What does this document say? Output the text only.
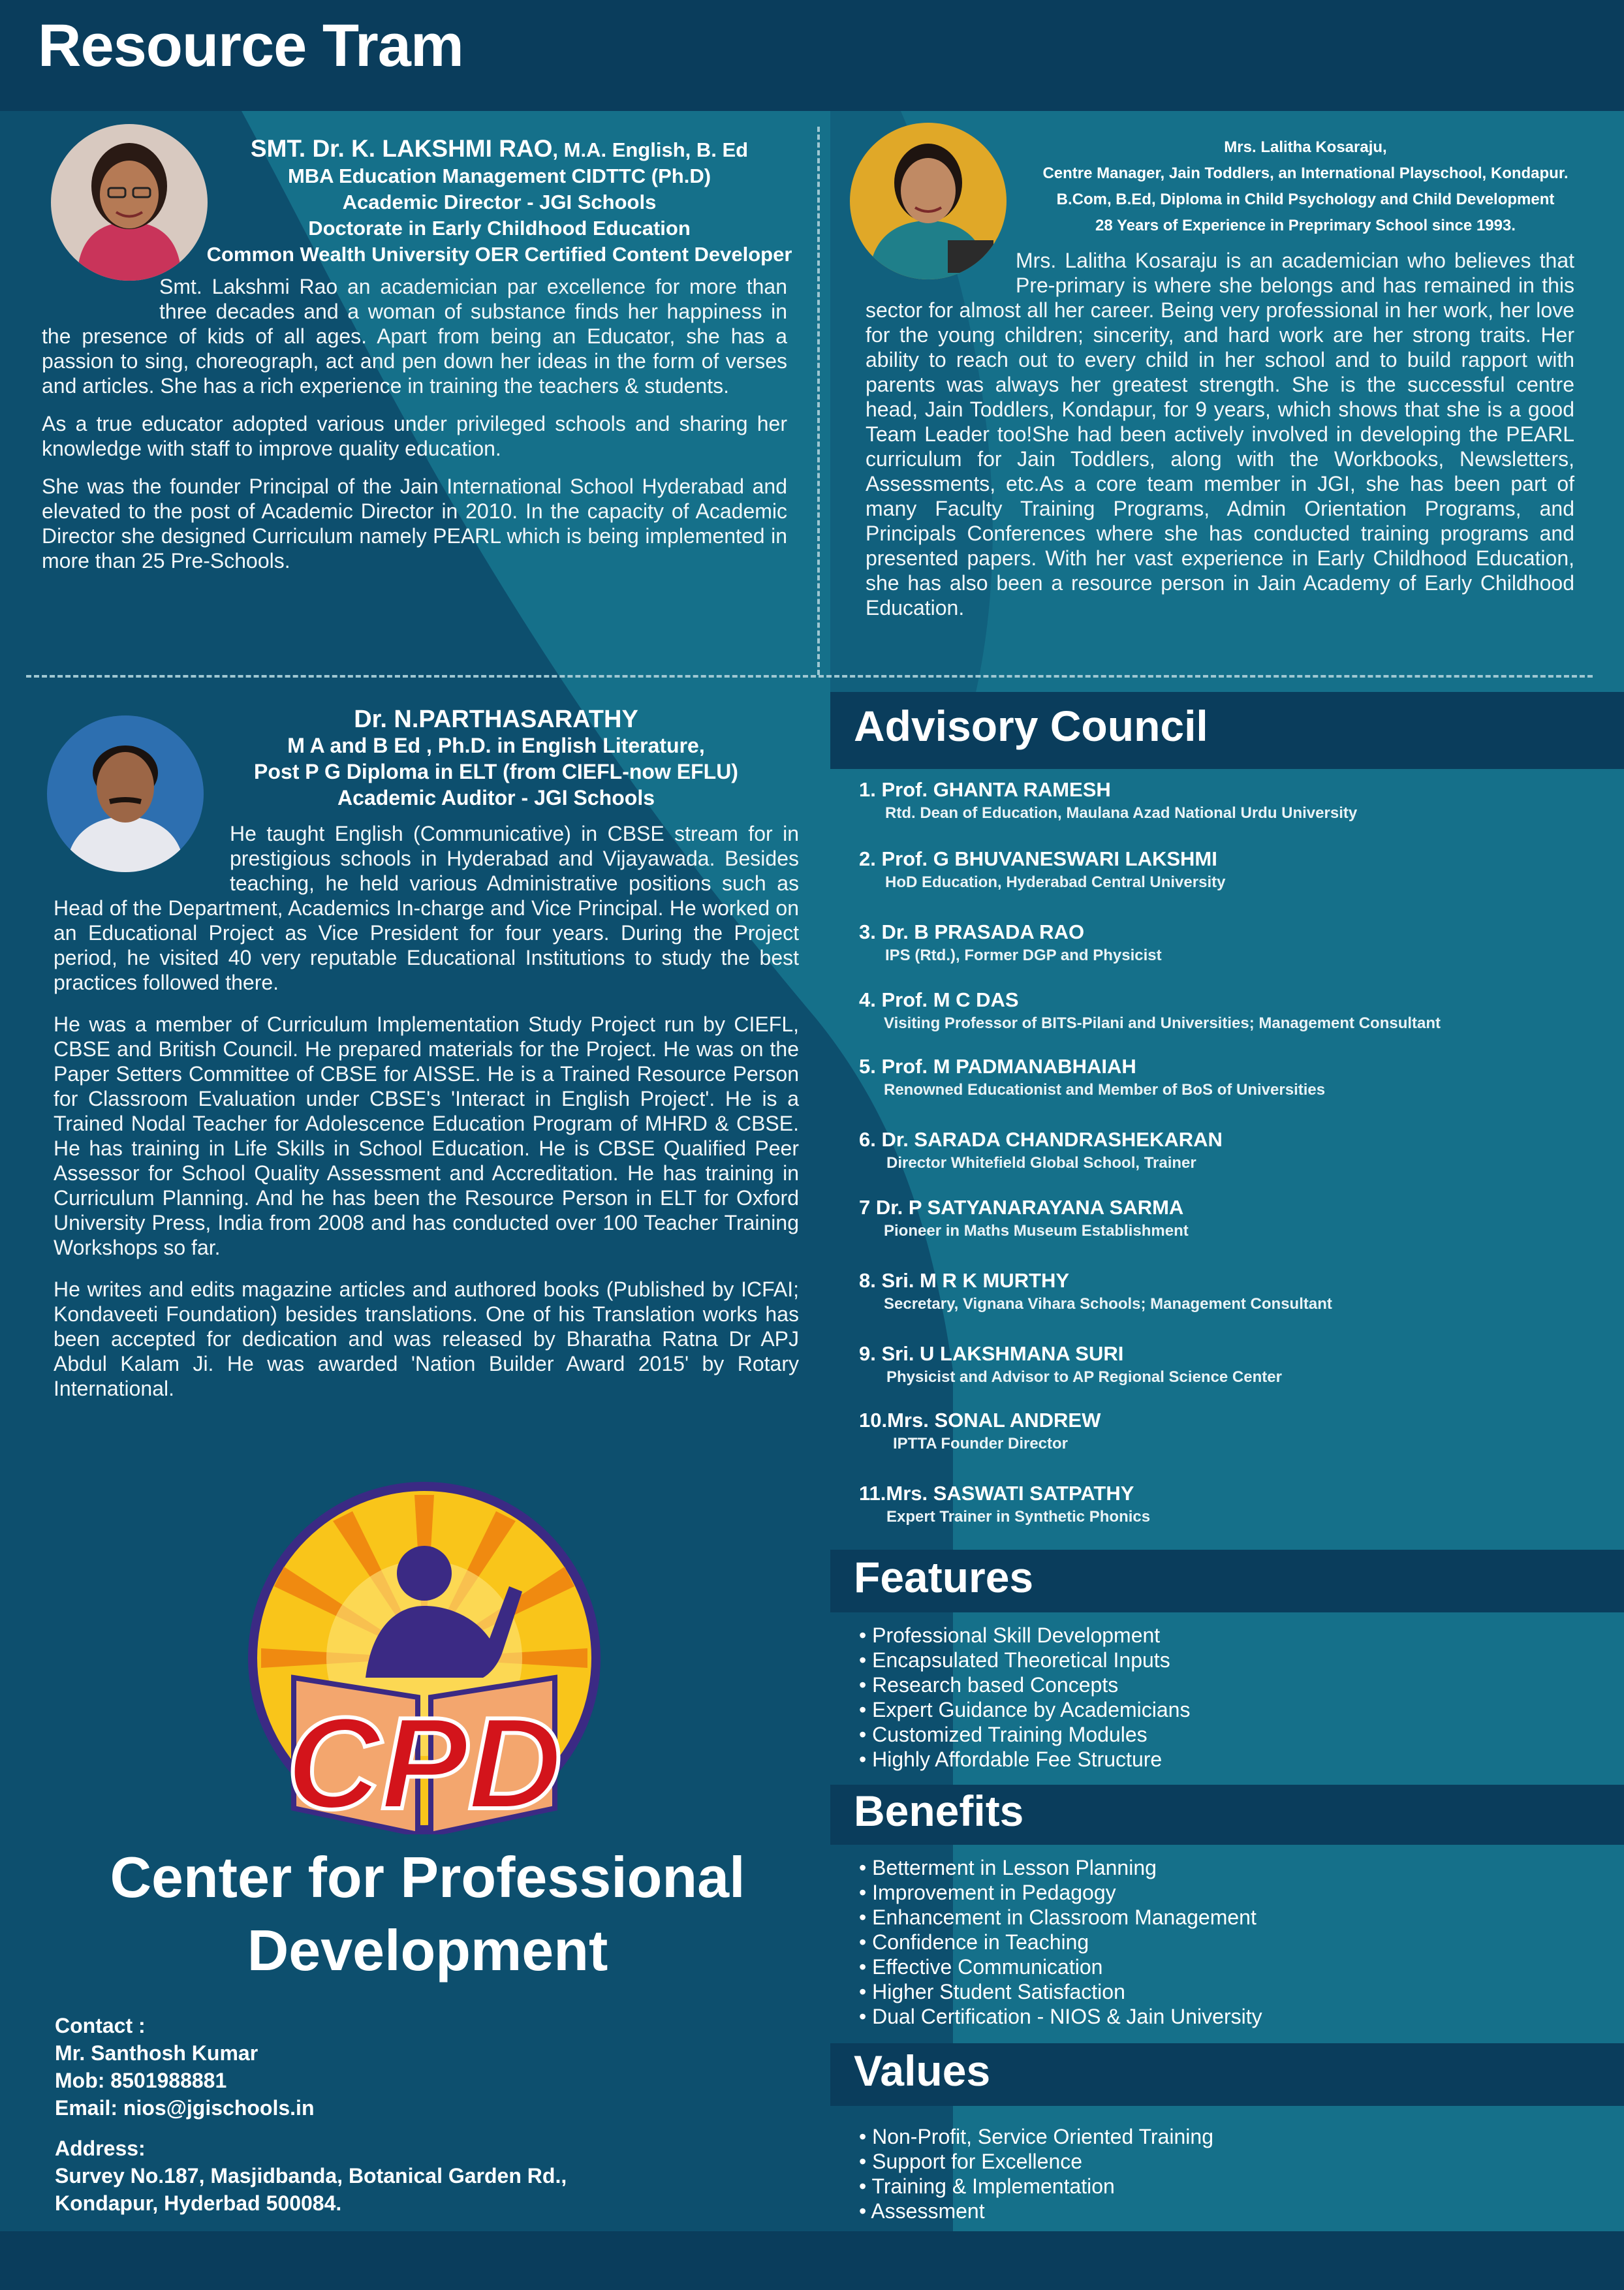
Resource Tram
SMT. Dr. K. LAKSHMI RAO, M.A. English, B. Ed
MBA Education Management CIDTTC (Ph.D)
Academic Director - JGI Schools
Doctorate in Early Childhood Education
Common Wealth University OER Certified Content Developer

Smt. Lakshmi Rao an academician par excellence for more than three decades and a woman of substance finds her happiness in the presence of kids of all ages. Apart from being an Educator, she has a passion to sing, choreograph, act and pen down her ideas in the form of verses and articles. She has a rich experience in training the teachers & students.

As a true educator adopted various under privileged schools and sharing her knowledge with staff to improve quality education.

She was the founder Principal of the Jain International School Hyderabad and elevated to the post of Academic Director in 2010. In the capacity of Academic Director she designed Curriculum namely PEARL which is being implemented in more than 25 Pre-Schools.

Mrs. Lalitha Kosaraju,
Centre Manager, Jain Toddlers, an International Playschool, Kondapur.
B.Com, B.Ed, Diploma in Child Psychology and Child Development
28 Years of Experience in Preprimary School since 1993.

Mrs. Lalitha Kosaraju is an academician who believes that Pre-primary is where she belongs and has remained in this sector for almost all her career. Being very professional in her work, her love for the young children; sincerity, and hard work are her strong traits. Her ability to reach out to every child in her school and to build rapport with parents was always her greatest strength. She is the successful centre head, Jain Toddlers, Kondapur, for 9 years, which shows that she is a good Team Leader too!She had been actively involved in developing the PEARL curriculum for Jain Toddlers, along with the Workbooks, Newsletters, Assessments, etc.As a core team member in JGI, she has been part of many Faculty Training Programs, Admin Orientation Programs, and Principals Conferences where she has conducted training programs and presented papers. With her vast experience in Early Childhood Education, she has also been a resource person in Jain Academy of Early Childhood Education.

Dr. N.PARTHASARATHY
M A and B Ed , Ph.D. in English Literature,
Post P G Diploma in ELT (from CIEFL-now EFLU)
Academic Auditor - JGI Schools

He taught English (Communicative) in CBSE stream for in prestigious schools in Hyderabad and Vijayawada. Besides teaching, he held various Administrative positions such as Head of the Department, Academics In-charge and Vice Principal. He worked on an Educational Project as Vice President for four years. During the Project period, he visited 40 very reputable Educational Institutions to study the best practices followed there.

He was a member of Curriculum Implementation Study Project run by CIEFL, CBSE and British Council. He prepared materials for the Project. He was on the Paper Setters Committee of CBSE for AISSE. He is a Trained Resource Person for Classroom Evaluation under CBSE's 'Interact in English Project'. He is a Trained Nodal Teacher for Adolescence Education Program of MHRD & CBSE. He has training in Life Skills in School Education. He is CBSE Qualified Peer Assessor for School Quality Assessment and Accreditation. He has training in Curriculum Planning. And he has been the Resource Person in ELT for Oxford University Press, India from 2008 and has conducted over 100 Teacher Training Workshops so far.

He writes and edits magazine articles and authored books (Published by ICFAI; Kondaveeti Foundation) besides translations. One of his Translation works has been accepted for dedication and was released by Bharatha Ratna Dr APJ Abdul Kalam Ji. He was awarded 'Nation Builder Award 2015' by Rotary International.

Advisory Council
1. Prof. GHANTA RAMESH
Rtd. Dean of Education, Maulana Azad National Urdu University
2. Prof. G BHUVANESWARI LAKSHMI
HoD Education, Hyderabad Central University
3. Dr. B PRASADA RAO
IPS (Rtd.), Former DGP and Physicist
4. Prof. M C DAS
Visiting Professor of BITS-Pilani and Universities; Management Consultant
5. Prof. M PADMANABHAIAH
Renowned Educationist and Member of BoS of Universities
6. Dr. SARADA CHANDRASHEKARAN
Director Whitefield Global School, Trainer
7 Dr. P SATYANARAYANA SARMA
Pioneer in Maths Museum Establishment
8. Sri. M R K MURTHY
Secretary, Vignana Vihara Schools; Management Consultant
9. Sri. U LAKSHMANA SURI
Physicist and Advisor to AP Regional Science Center
10.Mrs. SONAL ANDREW
IPTTA Founder Director
11.Mrs. SASWATI SATPATHY
Expert Trainer in Synthetic Phonics
Features
• Professional Skill Development
• Encapsulated Theoretical Inputs
• Research based Concepts
• Expert Guidance by Academicians
• Customized Training Modules
• Highly Affordable Fee Structure
Benefits
• Betterment in Lesson Planning
• Improvement in Pedagogy
• Enhancement in Classroom Management
• Confidence in Teaching
• Effective Communication
• Higher Student Satisfaction
• Dual Certification - NIOS & Jain University
Values
• Non-Profit, Service Oriented Training
• Support for Excellence
• Training & Implementation
• Assessment
CPD
Center for Professional
Development
Contact :
Mr. Santhosh Kumar
Mob: 8501988881
Email: nios@jgischools.in
Address:
Survey No.187, Masjidbanda, Botanical Garden Rd.,
Kondapur, Hyderbad 500084.
